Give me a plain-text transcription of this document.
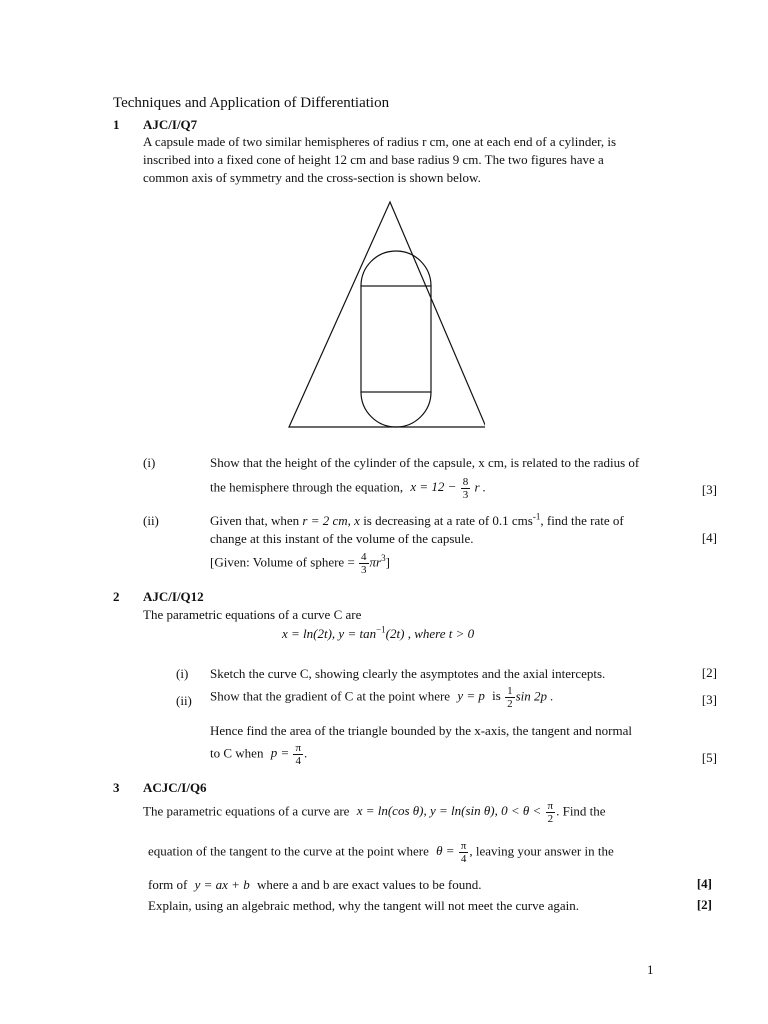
Techniques and Application of Differentiation
1 AJC/I/Q7
A capsule made of two similar hemispheres of radius r cm, one at each end of a cylinder, is
inscribed into a fixed cone of height 12 cm and base radius 9 cm. The two figures have a
common axis of symmetry and the cross-section is shown below.
(i)	Show that the height of the cylinder of the capsule, x cm, is related to the radius of
the hemisphere through the equation, $x = 12 - \frac{8}{3}$ r .	[3]
(ii)	Given that, when r = 2 cm, x is decreasing at a rate of 0.1 cms$^{-1}$, find the rate of
change at this instant of the volume of the capsule.	[4]
[Given: Volume of sphere = $\frac{4}{3} \pi r^3$]
2 AJC/I/Q12
The parametric equations of a curve C are
x = ln(2t), $y = \tan^{-1}(2t)$ , where t > 0
(i) Sketch the curve C, showing clearly the asymptotes and the axial intercepts.	[2]
(ii) Show that the gradient of C at the point where y = p is $\frac{1}{2}$ sin 2p .	[3]
Hence find the area of the triangle bounded by the x-axis, the tangent and normal
to C when $p = \frac{\pi}{4}$ .	[5]
3 ACJC/I/Q6
The parametric equations of a curve are x = ln(cos θ), y = ln(sin θ), $0 < \theta < \frac{\pi}{2}$ . Find the
equation of the tangent to the curve at the point where $\theta = \frac{\pi}{4}$ , leaving your answer in the
form of y = ax + b where a and b are exact values to be found.	[4]
Explain, using an algebraic method, why the tangent will not meet the curve again.	[2]
1
